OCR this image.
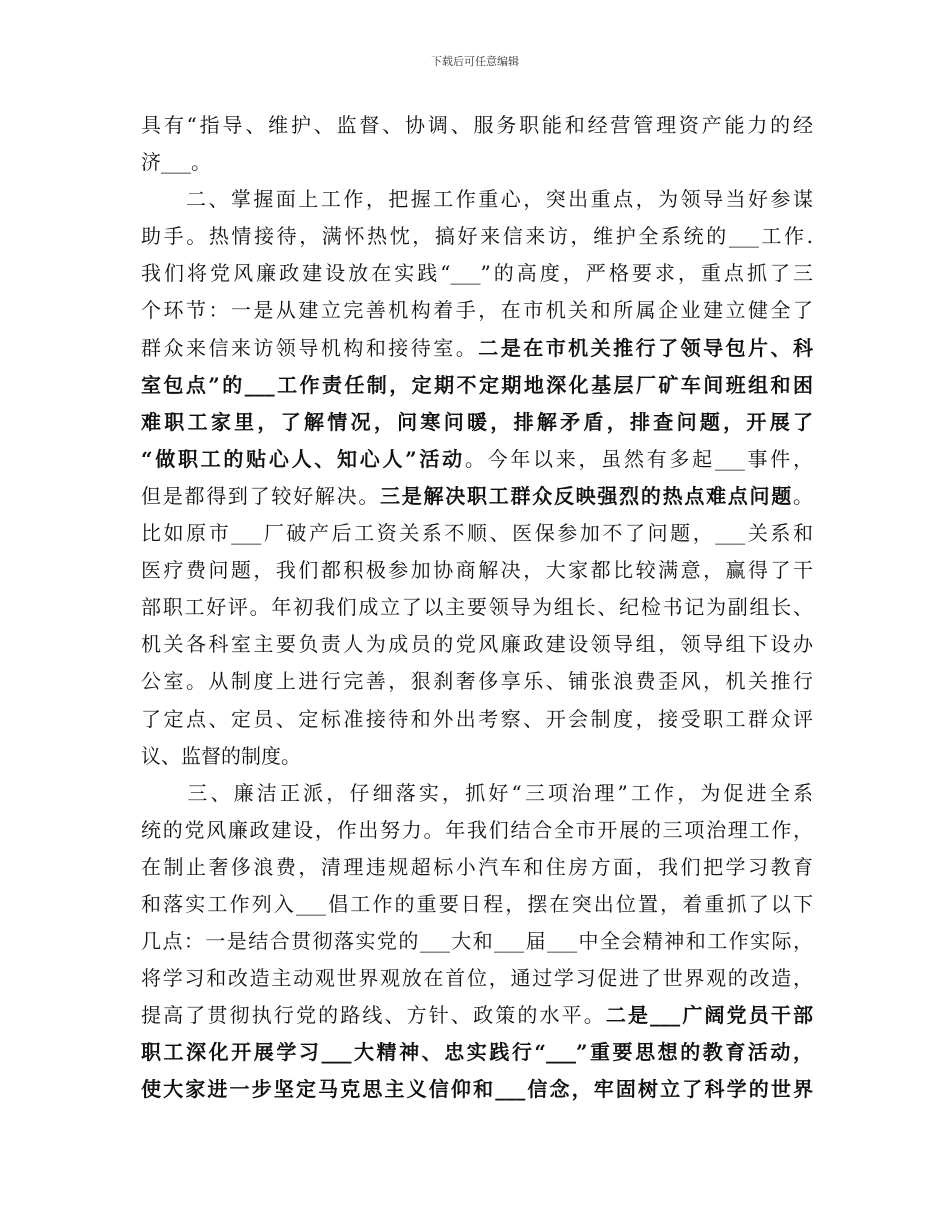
下载后可任意编辑
具有“指导、维护、监督、协调、服务职能和经营管理资产能力的经
济___。
　　二、掌握面上工作，把握工作重心，突出重点，为领导当好参谋
助手。热情接待，满怀热忱，搞好来信来访，维护全系统的___工作.
我们将党风廉政建设放在实践“___”的高度，严格要求，重点抓了三
个环节：一是从建立完善机构着手，在市机关和所属企业建立健全了
群众来信来访领导机构和接待室。二是在市机关推行了领导包片、科
室包点”的___工作责任制，定期不定期地深化基层厂矿车间班组和困
难职工家里，了解情况，问寒问暖，排解矛盾，排查问题，开展了
“做职工的贴心人、知心人”活动。今年以来，虽然有多起___事件，
但是都得到了较好解决。三是解决职工群众反映强烈的热点难点问题。
比如原市___厂破产后工资关系不顺、医保参加不了问题，___关系和
医疗费问题，我们都积极参加协商解决，大家都比较满意，赢得了干
部职工好评。年初我们成立了以主要领导为组长、纪检书记为副组长、
机关各科室主要负责人为成员的党风廉政建设领导组，领导组下设办
公室。从制度上进行完善，狠刹奢侈享乐、铺张浪费歪风，机关推行
了定点、定员、定标准接待和外出考察、开会制度，接受职工群众评
议、监督的制度。
　　三、廉洁正派，仔细落实，抓好“三项治理”工作，为促进全系
统的党风廉政建设，作出努力。年我们结合全市开展的三项治理工作，
在制止奢侈浪费，清理违规超标小汽车和住房方面，我们把学习教育
和落实工作列入___倡工作的重要日程，摆在突出位置，着重抓了以下
几点：一是结合贯彻落实党的___大和___届___中全会精神和工作实际，
将学习和改造主动观世界观放在首位，通过学习促进了世界观的改造，
提高了贯彻执行党的路线、方针、政策的水平。二是___广阔党员干部
职工深化开展学习___大精神、忠实践行“___”重要思想的教育活动，
使大家进一步坚定马克思主义信仰和___信念，牢固树立了科学的世界
